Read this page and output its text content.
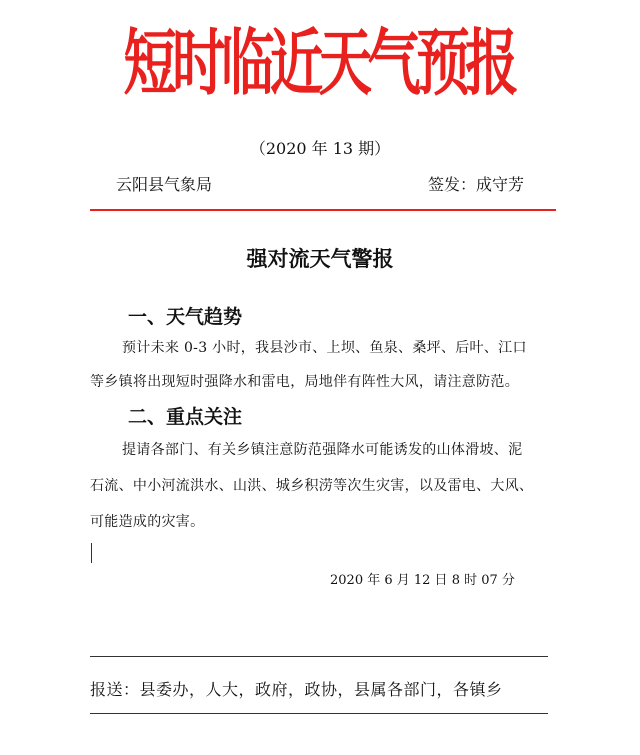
短时临近天气预报
（2020 年 13 期）
云阳县气象局	签发：成守芳
强对流天气警报
一、天气趋势
预计未来 0-3 小时，我县沙市、上坝、鱼泉、桑坪、后叶、江口
等乡镇将出现短时强降水和雷电，局地伴有阵性大风，请注意防范。
二、重点关注
提请各部门、有关乡镇注意防范强降水可能诱发的山体滑坡、泥
石流、中小河流洪水、山洪、城乡积涝等次生灾害，以及雷电、大风、
可能造成的灾害。
2020 年 6 月 12 日 8 时 07 分
报送：县委办，人大，政府，政协，县属各部门，各镇乡
